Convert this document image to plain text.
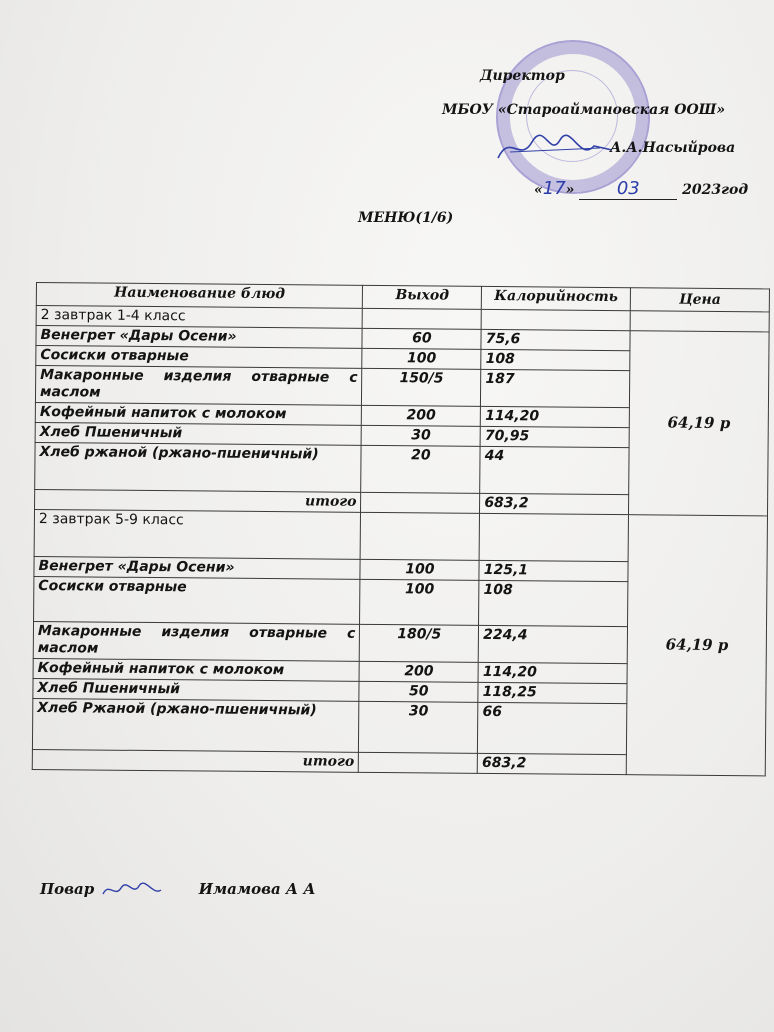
Директор
МБОУ «Староаймановская ООШ»
А.А.Насыйрова
«17» 03	2023год
МЕНЮ(1/6)
Наименование блюд	Выход	Калорийность	Цена
2 завтрак 1-4 класс			
Венегрет «Дары Осени»	60	75,6	64,19 р
Сосиски отварные	100	108	
Макаронные изделия отварные с маслом	150/5	187	
Кофейный напиток с молоком	200	114,20	
Хлеб Пшеничный	30	70,95	
Хлеб ржаной (ржано-пшеничный)	20	44	
итого		683,2	
2 завтрак 5-9 класс			64,19 р
Венегрет «Дары Осени»	100	125,1	
Сосиски отварные	100	108	
Макаронные изделия отварные с маслом	180/5	224,4	
Кофейный напиток с молоком	200	114,20	
Хлеб Пшеничный	50	118,25	
Хлеб Ржаной (ржано-пшеничный)	30	66	
итого		683,2	
Повар	Имамова А А
